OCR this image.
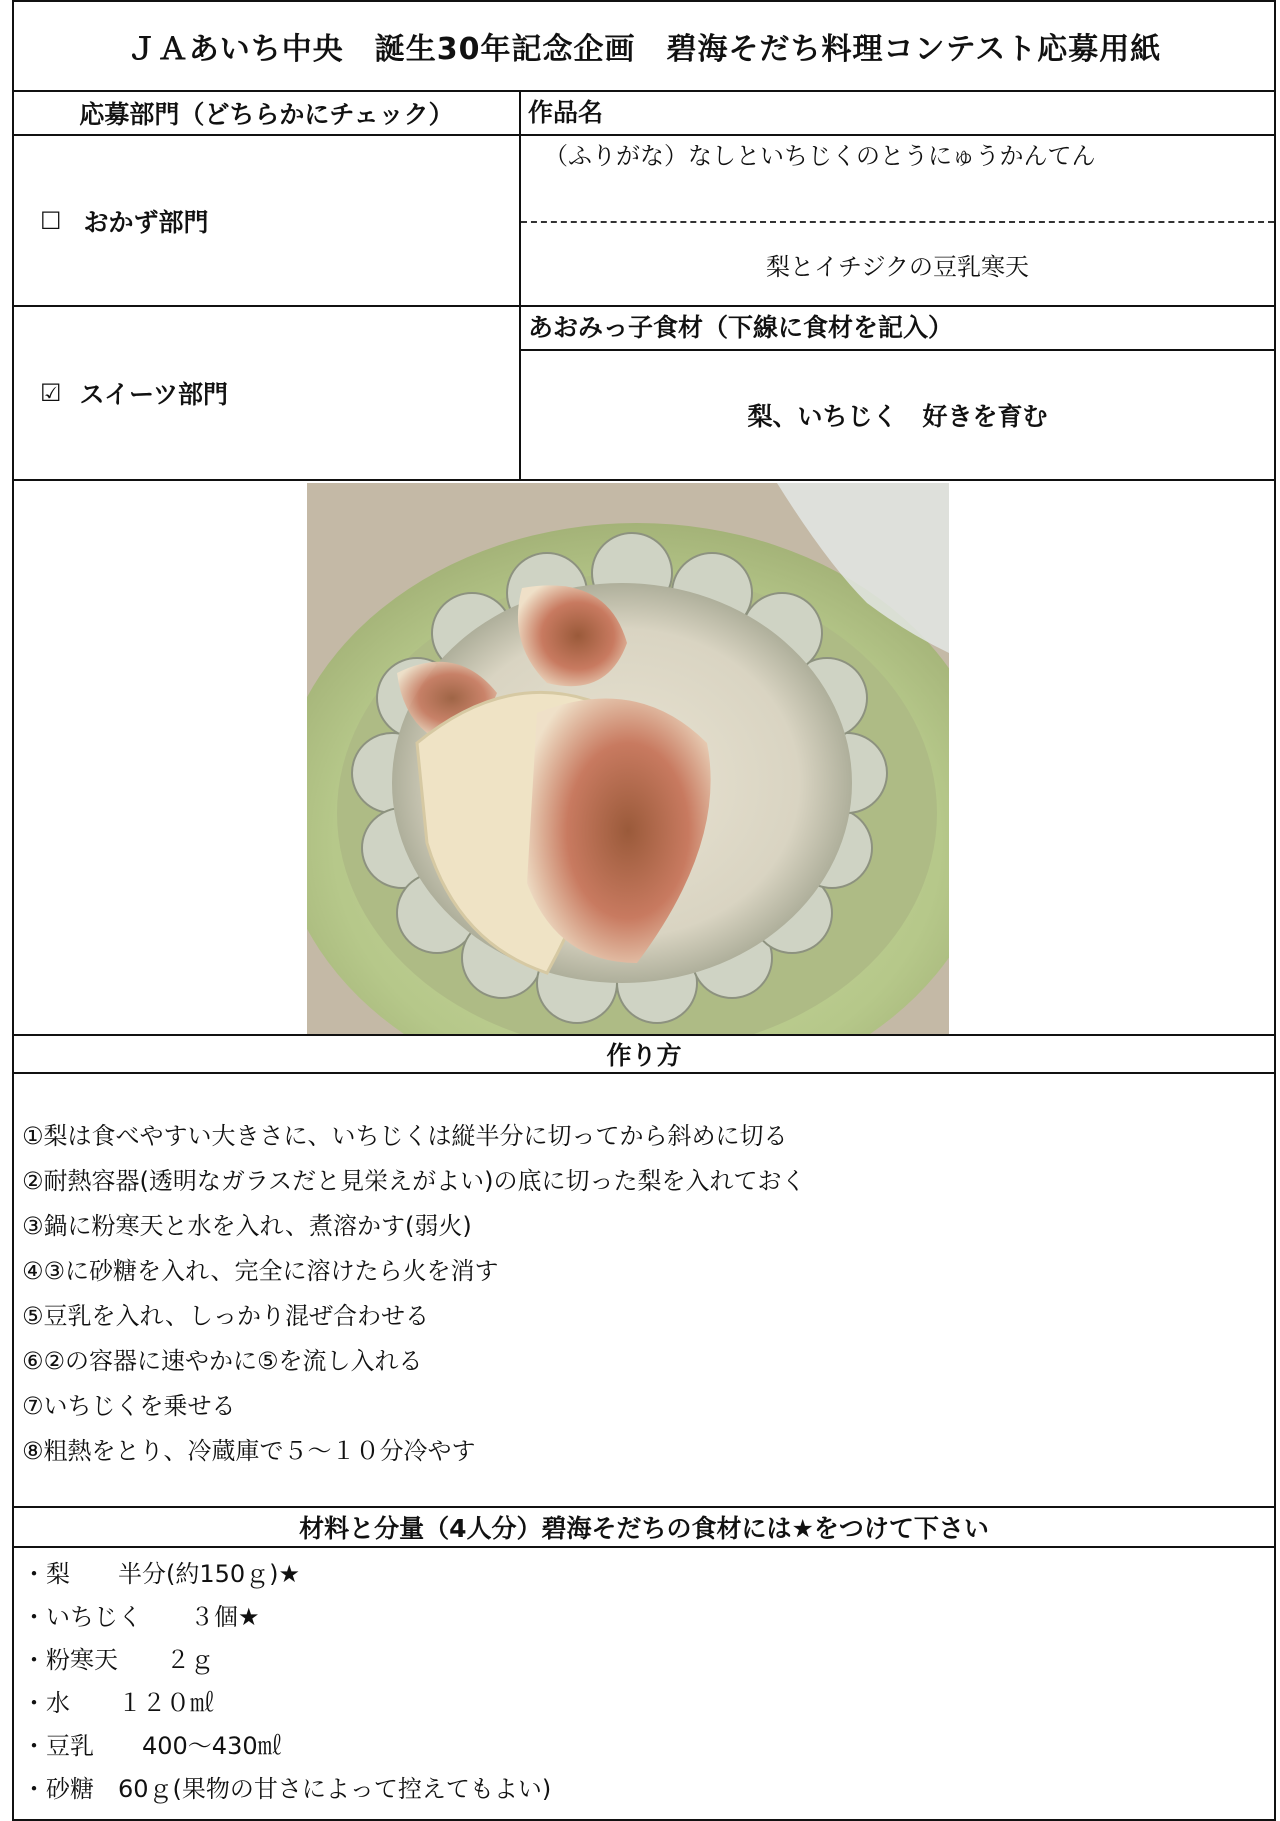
ＪＡあいち中央　誕生30年記念企画　碧海そだち料理コンテスト応募用紙
応募部門（どちらかにチェック）	作品名
☐ おかず部門
（ふりがな）なしといちじくのとうにゅうかんてん
梨とイチジクの豆乳寒天
☑ スイーツ部門
あおみっ子食材（下線に食材を記入）
梨、いちじく　好きを育む
作り方
①梨は食べやすい大きさに、いちじくは縦半分に切ってから斜めに切る
②耐熱容器(透明なガラスだと見栄えがよい)の底に切った梨を入れておく
③鍋に粉寒天と水を入れ、煮溶かす(弱火)
④③に砂糖を入れ、完全に溶けたら火を消す
⑤豆乳を入れ、しっかり混ぜ合わせる
⑥②の容器に速やかに⑤を流し入れる
⑦いちじくを乗せる
⑧粗熱をとり、冷蔵庫で５～１０分冷やす
材料と分量（4人分）碧海そだちの食材には★をつけて下さい
・梨　　半分(約150ｇ)★
・いちじく　　３個★
・粉寒天　　２ｇ
・水　　１２０㎖
・豆乳　　400～430㎖
・砂糖　60ｇ(果物の甘さによって控えてもよい)
